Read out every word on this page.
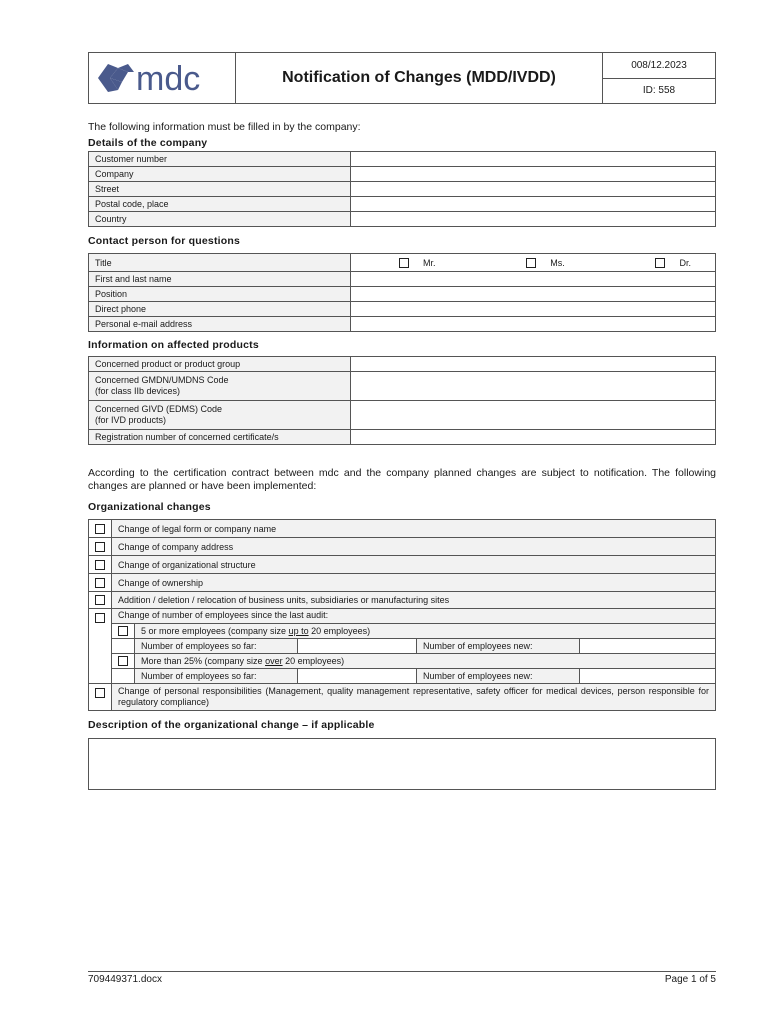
mdc	Notification of Changes (MDD/IVDD)
008/12.2023
ID: 558
The following information must be filled in by the company:
Details of the company
Customer number	
Company	
Street	
Postal code, place	
Country	
Contact person for questions
Title	Mr. Ms. Dr.

First and last name	
Position	
Direct phone	
Personal e-mail address	
Information on affected products
Concerned product or product group	
Concerned GMDN/UMDNS Code
(for class IIb devices)	
Concerned GIVD (EDMS) Code
(for IVD products)	
Registration number of concerned certificate/s	
According to the certification contract between mdc and the company planned changes are subject to notification. The following changes are planned or have been implemented:
Organizational changes
	Change of legal form or company name
	Change of company address
	Change of organizational structure
	Change of ownership
	Addition / deletion / relocation of business units, subsidiaries or manufacturing sites

Change of number of employees since the last audit:
	5 or more employees (company size up to 20 employees)
	Number of employees so far:		Number of employees new:	
	More than 25% (company size over 20 employees)
	Number of employees so far:		Number of employees new:	

	Change of personal responsibilities (Management, quality management representative, safety officer for medical devices, person responsible for regulatory compliance)
Description of the organizational change – if applicable
709449371.docx	Page 1 of 5
